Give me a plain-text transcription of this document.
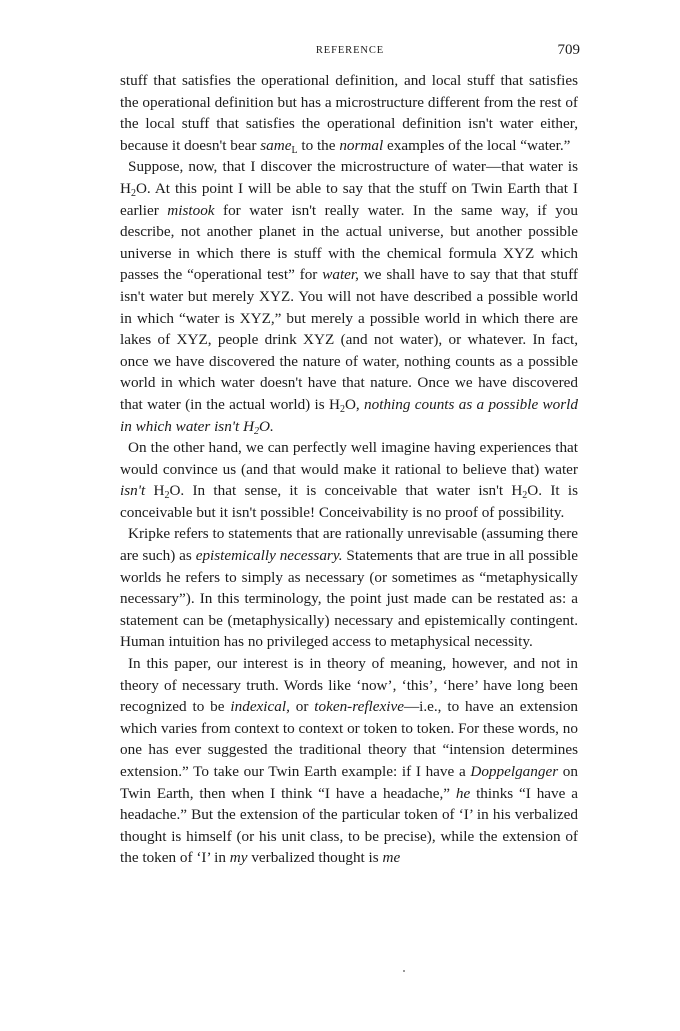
REFERENCE	709

stuff that satisfies the operational definition, and local stuff that satisfies the operational definition but has a microstructure different from the rest of the local stuff that satisfies the operational definition isn't water either, because it doesn't bear same$_L$ to the normal examples of the local “water.”

Suppose, now, that I discover the microstructure of water—that water is $H_2O$. At this point I will be able to say that the stuff on Twin Earth that I earlier mistook for water isn't really water. In the same way, if you describe, not another planet in the actual universe, but another possible universe in which there is stuff with the chemical formula XYZ which passes the “operational test” for water, we shall have to say that that stuff isn't water but merely XYZ. You will not have described a possible world in which “water is XYZ,” but merely a possible world in which there are lakes of XYZ, people drink XYZ (and not water), or whatever. In fact, once we have discovered the nature of water, nothing counts as a possible world in which water doesn't have that nature. Once we have discovered that water (in the actual world) is $H_2O$, nothing counts as a possible world in which water isn't $H_2O$.

On the other hand, we can perfectly well imagine having experiences that would convince us (and that would make it rational to believe that) water isn't $H_2O$. In that sense, it is conceivable that water isn't $H_2O$. It is conceivable but it isn't possible! Conceivability is no proof of possibility.

Kripke refers to statements that are rationally unrevisable (assuming there are such) as epistemically necessary. Statements that are true in all possible worlds he refers to simply as necessary (or sometimes as “metaphysically necessary”). In this terminology, the point just made can be restated as: a statement can be (metaphysically) necessary and epistemically contingent. Human intuition has no privileged access to metaphysical necessity.

In this paper, our interest is in theory of meaning, however, and not in theory of necessary truth. Words like ‘now’, ‘this’, ‘here’ have long been recognized to be indexical, or token-reflexive—i.e., to have an extension which varies from context to context or token to token. For these words, no one has ever suggested the traditional theory that “intension determines extension.” To take our Twin Earth example: if I have a Doppelganger on Twin Earth, then when I think “I have a headache,” he thinks “I have a headache.” But the extension of the particular token of ‘I’ in his verbalized thought is himself (or his unit class, to be precise), while the extension of the token of ‘I’ in my verbalized thought is me
